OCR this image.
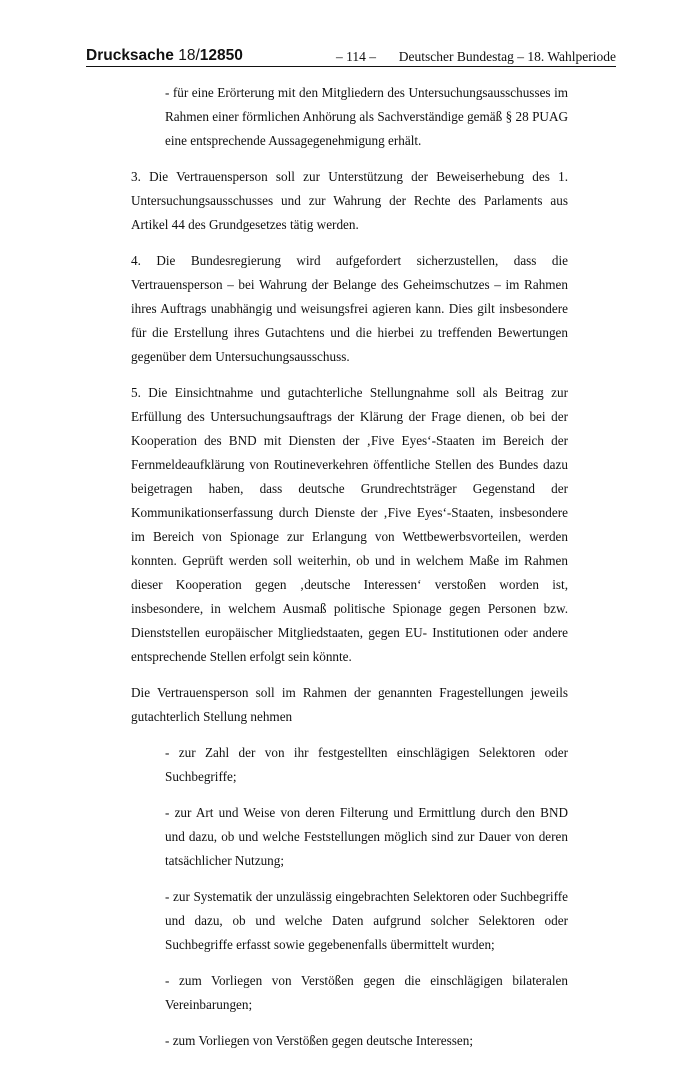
Drucksache 18/12850	– 114 – Deutscher Bundestag – 18. Wahlperiode

- für eine Erörterung mit den Mitgliedern des Untersuchungsausschusses im Rahmen einer förmlichen Anhörung als Sachverständige gemäß § 28 PUAG eine entsprechende Aussagegenehmigung erhält.

3. Die Vertrauensperson soll zur Unterstützung der Beweiserhebung des 1. Untersuchungsausschusses und zur Wahrung der Rechte des Parlaments aus Artikel 44 des Grundgesetzes tätig werden.

4. Die Bundesregierung wird aufgefordert sicherzustellen, dass die Vertrauensperson – bei Wahrung der Belange des Geheimschutzes – im Rahmen ihres Auftrags unabhängig und weisungsfrei agieren kann. Dies gilt insbesondere für die Erstellung ihres Gutachtens und die hierbei zu treffenden Bewertungen gegenüber dem Untersuchungsausschuss.

5. Die Einsichtnahme und gutachterliche Stellungnahme soll als Beitrag zur Erfüllung des Untersuchungsauftrags der Klärung der Frage dienen, ob bei der Kooperation des BND mit Diensten der ‚Five Eyes‘-Staaten im Bereich der Fernmeldeaufklärung von Routineverkehren öffentliche Stellen des Bundes dazu beigetragen haben, dass deutsche Grundrechtsträger Gegenstand der Kommunikationserfassung durch Dienste der ‚Five Eyes‘-Staaten, insbesondere im Bereich von Spionage zur Erlangung von Wettbewerbsvorteilen, werden konnten. Geprüft werden soll weiterhin, ob und in welchem Maße im Rahmen dieser Kooperation gegen ‚deutsche Interessen‘ verstoßen worden ist, insbesondere, in welchem Ausmaß politische Spionage gegen Personen bzw. Dienststellen europäischer Mitgliedstaaten, gegen EU- Institutionen oder andere entsprechende Stellen erfolgt sein könnte.

Die Vertrauensperson soll im Rahmen der genannten Fragestellungen jeweils gutachterlich Stellung nehmen

- zur Zahl der von ihr festgestellten einschlägigen Selektoren oder Suchbegriffe;

- zur Art und Weise von deren Filterung und Ermittlung durch den BND und dazu, ob und welche Feststellungen möglich sind zur Dauer von deren tatsächlicher Nutzung;

- zur Systematik der unzulässig eingebrachten Selektoren oder Suchbegriffe und dazu, ob und welche Daten aufgrund solcher Selektoren oder Suchbegriffe erfasst sowie gegebenenfalls übermittelt wurden;

- zum Vorliegen von Verstößen gegen die einschlägigen bilateralen Vereinbarungen;

- zum Vorliegen von Verstößen gegen deutsche Interessen;
